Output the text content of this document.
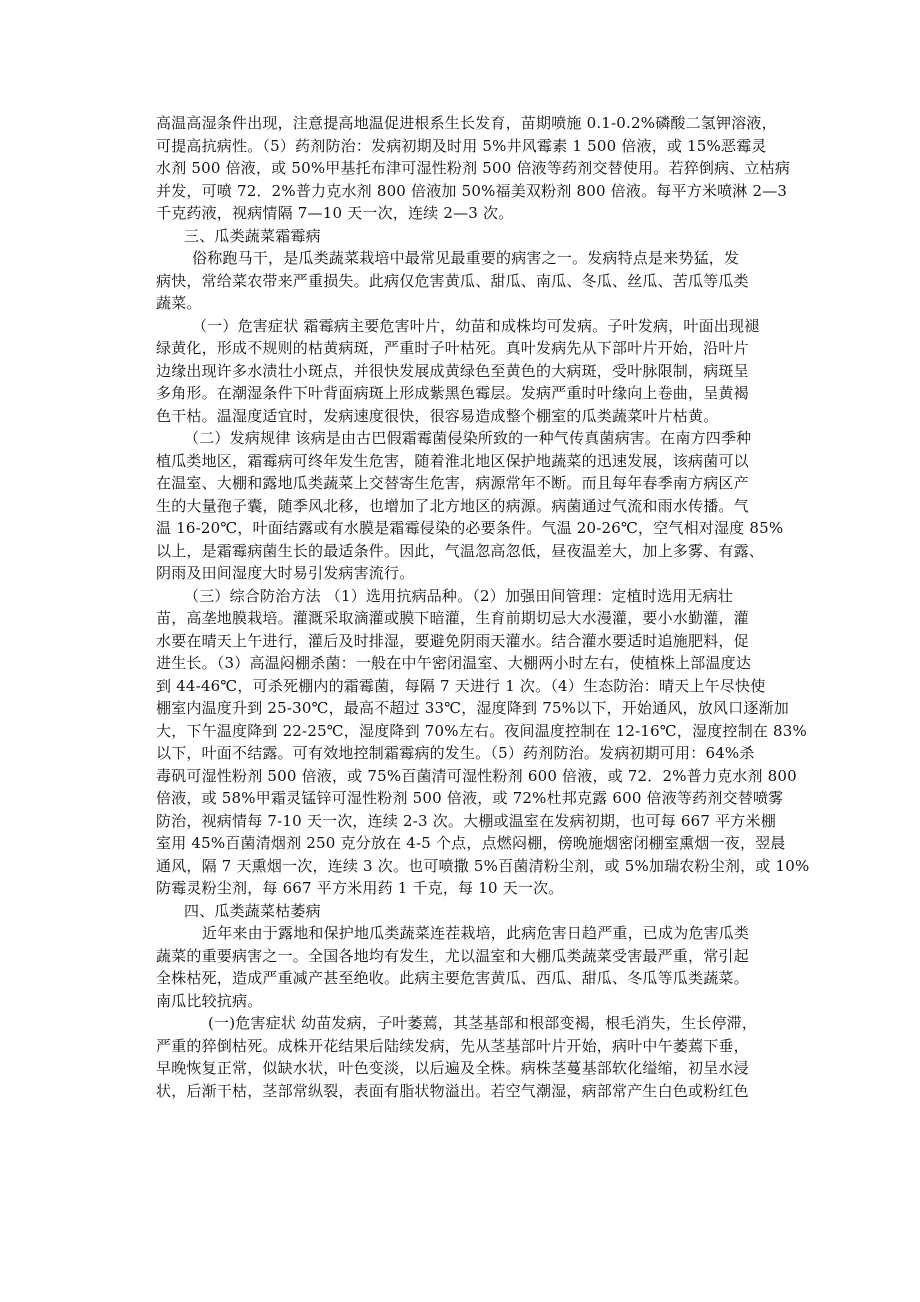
高温高湿条件出现，注意提高地温促进根系生长发育，苗期喷施 0.1-0.2%磷酸二氢钾溶液，
可提高抗病性。（5）药剂防治：发病初期及时用 5%井风霉素 1 500 倍液，或 15%恶霉灵
水剂 500 倍液，或 50%甲基托布津可湿性粉剂 500 倍液等药剂交替使用。若猝倒病、立枯病
并发，可喷 72．2%普力克水剂 800 倍液加 50%福美双粉剂 800 倍液。每平方米喷淋 2—3
千克药液，视病情隔 7—10 天一次，连续 2—3 次。
三、瓜类蔬菜霜霉病
俗称跑马干，是瓜类蔬菜栽培中最常见最重要的病害之一。发病特点是来势猛，发
病快，常给菜农带来严重损失。此病仅危害黄瓜、甜瓜、南瓜、冬瓜、丝瓜、苦瓜等瓜类
蔬菜。
（一）危害症状 霜霉病主要危害叶片，幼苗和成株均可发病。子叶发病，叶面出现褪
绿黄化，形成不规则的枯黄病斑，严重时子叶枯死。真叶发病先从下部叶片开始，沿叶片
边缘出现许多水渍壮小斑点，并很快发展成黄绿色至黄色的大病斑，受叶脉限制，病斑呈
多角形。在潮湿条件下叶背面病斑上形成紫黑色霉层。发病严重时叶缘向上卷曲，呈黄褐
色干枯。温湿度适宜时，发病速度很快，很容易造成整个棚室的瓜类蔬菜叶片枯黄。
（二）发病规律 该病是由古巴假霜霉菌侵染所致的一种气传真菌病害。在南方四季种
植瓜类地区，霜霉病可终年发生危害，随着淮北地区保护地蔬菜的迅速发展，该病菌可以
在温室、大棚和露地瓜类蔬菜上交替寄生危害，病源常年不断。而且每年春季南方病区产
生的大量孢子囊，随季风北移，也增加了北方地区的病源。病菌通过气流和雨水传播。气
温 16-20℃，叶面结露或有水膜是霜霉侵染的必要条件。气温 20-26℃，空气相对湿度 85%
以上，是霜霉病菌生长的最适条件。因此，气温忽高忽低，昼夜温差大，加上多雾、有露、
阴雨及田间湿度大时易引发病害流行。
（三）综合防治方法 （1）选用抗病品种。（2）加强田间管理：定植时选用无病壮
苗，高垄地膜栽培。灌溉采取滴灌或膜下暗灌，生育前期切忌大水漫灌，要小水勤灌，灌
水要在晴天上午进行，灌后及时排湿，要避免阴雨天灌水。结合灌水要适时追施肥料，促
进生长。（3）高温闷棚杀菌：一般在中午密闭温室、大棚两小时左右，使植株上部温度达
到 44-46℃，可杀死棚内的霜霉菌，每隔 7 天进行 1 次。（4）生态防治：晴天上午尽快使
棚室内温度升到 25-30℃，最高不超过 33℃，湿度降到 75%以下，开始通风，放风口逐渐加
大，下午温度降到 22-25℃，湿度降到 70%左右。夜间温度控制在 12-16℃，湿度控制在 83%
以下，叶面不结露。可有效地控制霜霉病的发生。（5）药剂防治。发病初期可用：64%杀
毒矾可湿性粉剂 500 倍液，或 75%百菌清可湿性粉剂 600 倍液，或 72．2%普力克水剂 800
倍液，或 58%甲霜灵锰锌可湿性粉剂 500 倍液，或 72%杜邦克露 600 倍液等药剂交替喷雾
防治，视病情每 7-10 天一次，连续 2-3 次。大棚或温室在发病初期，也可每 667 平方米棚
室用 45%百菌清烟剂 250 克分放在 4-5 个点，点燃闷棚，傍晚施烟密闭棚室熏烟一夜，翌晨
通风，隔 7 天熏烟一次，连续 3 次。也可喷撒 5%百菌清粉尘剂，或 5%加瑞农粉尘剂，或 10%
防霉灵粉尘剂，每 667 平方米用药 1 千克，每 10 天一次。
四、瓜类蔬菜枯萎病
近年来由于露地和保护地瓜类蔬菜连茬栽培，此病危害日趋严重，已成为危害瓜类
蔬菜的重要病害之一。全国各地均有发生，尤以温室和大棚瓜类蔬菜受害最严重，常引起
全株枯死，造成严重减产甚至绝收。此病主要危害黄瓜、西瓜、甜瓜、冬瓜等瓜类蔬菜。
南瓜比较抗病。
(一)危害症状 幼苗发病，子叶萎蔫，其茎基部和根部变褐，根毛消失，生长停滞，
严重的猝倒枯死。成株开花结果后陆续发病，先从茎基部叶片开始，病叶中午萎蔫下垂，
早晚恢复正常，似缺水状，叶色变淡，以后遍及全株。病株茎蔓基部软化缢缩，初呈水浸
状，后渐干枯，茎部常纵裂，表面有脂状物溢出。若空气潮湿，病部常产生白色或粉红色
